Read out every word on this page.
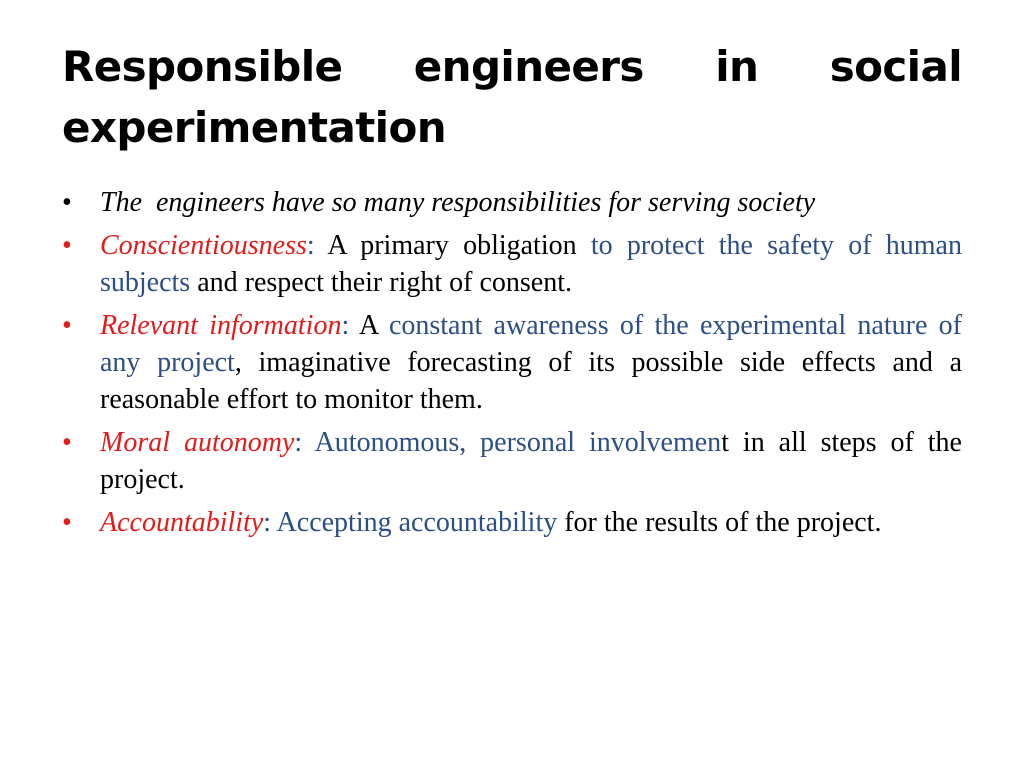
Responsible engineers in social experimentation
•	The  engineers have so many responsibilities for serving society
•	Conscientiousness: A primary obligation to protect the safety of human subjects and respect their right of consent.
•	Relevant information: A constant awareness of the experimental nature of any project, imaginative forecasting of its possible side effects and a reasonable effort to monitor them.
•	Moral autonomy: Autonomous, personal involvement in all steps of the project.
•	Accountability: Accepting accountability for the results of the project.
